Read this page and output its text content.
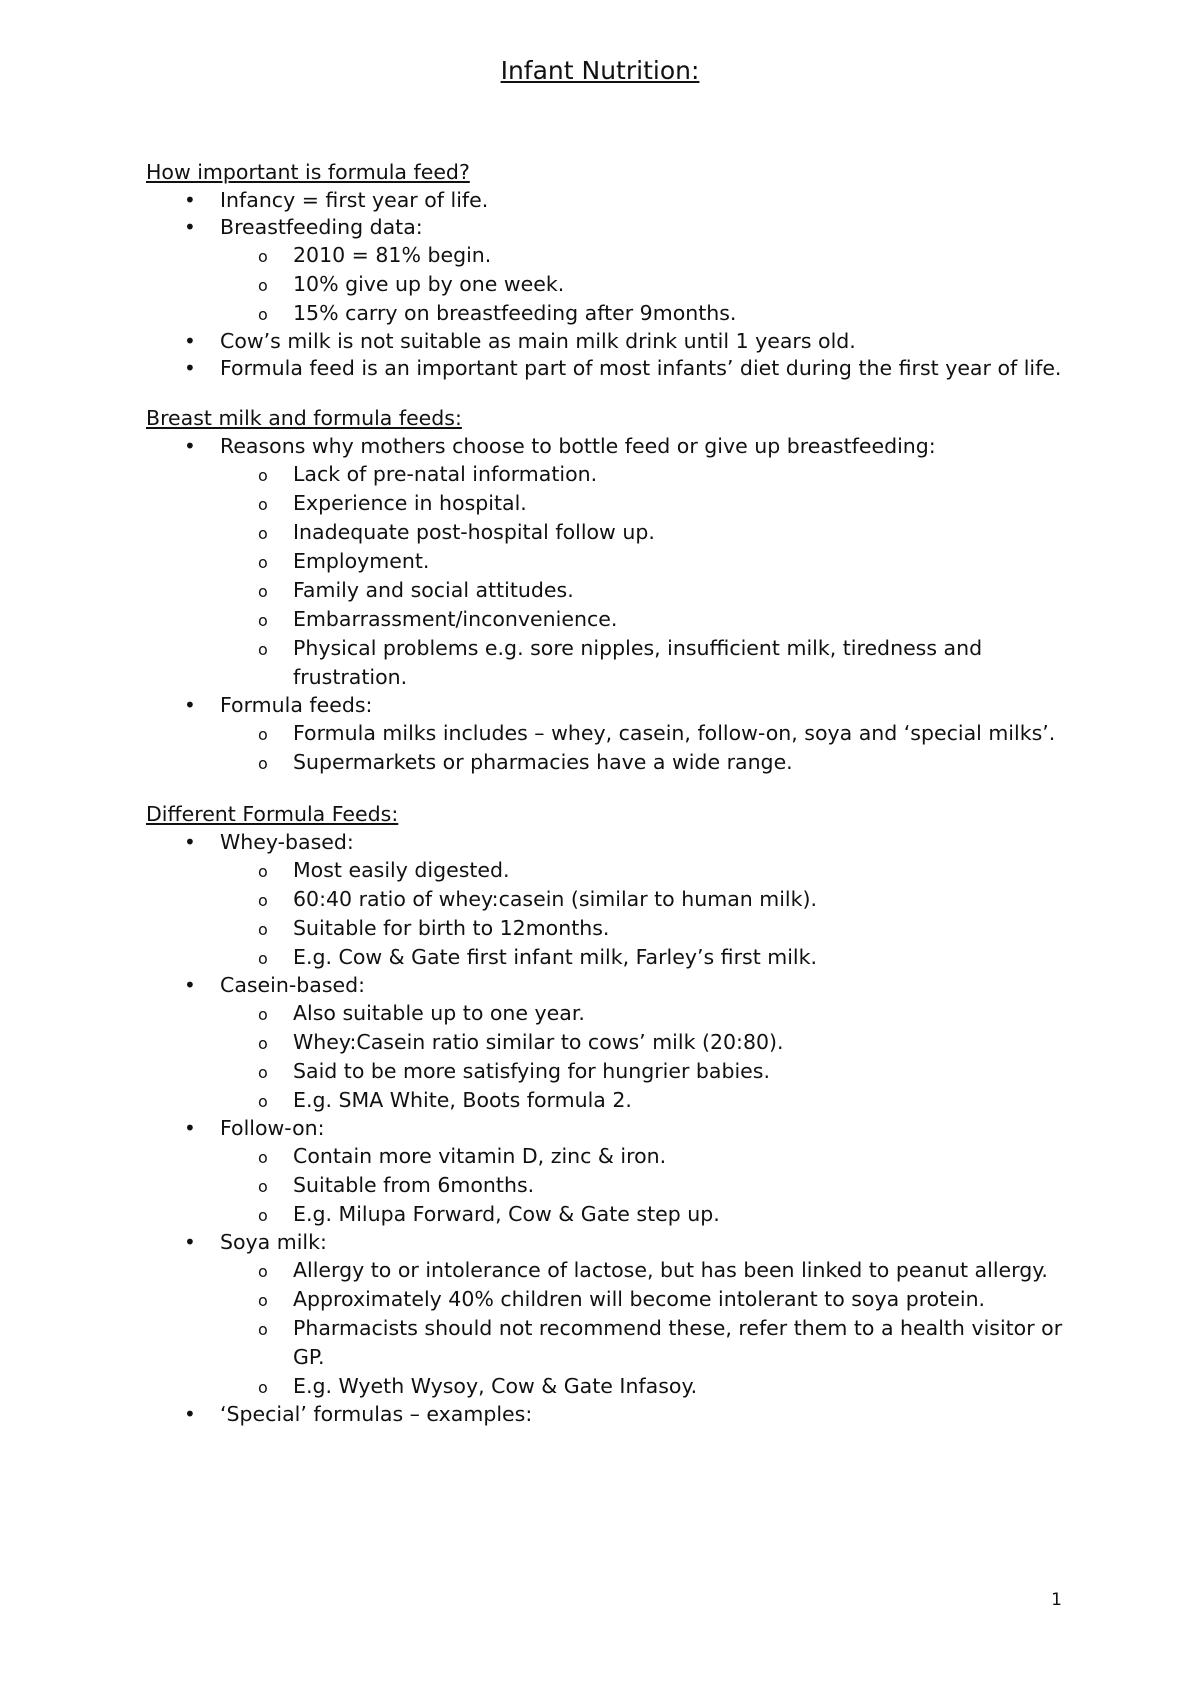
Infant Nutrition:
How important is formula feed?
• Infancy = first year of life.
• Breastfeeding data:
o 2010 = 81% begin.
o 10% give up by one week.
o 15% carry on breastfeeding after 9months.
• Cow’s milk is not suitable as main milk drink until 1 years old.
• Formula feed is an important part of most infants’ diet during the first year of life.
Breast milk and formula feeds:
• Reasons why mothers choose to bottle feed or give up breastfeeding:
o Lack of pre-natal information.
o Experience in hospital.
o Inadequate post-hospital follow up.
o Employment.
o Family and social attitudes.
o Embarrassment/inconvenience.
o Physical problems e.g. sore nipples, insufficient milk, tiredness and frustration.
• Formula feeds:
o Formula milks includes – whey, casein, follow-on, soya and ‘special milks’.
o Supermarkets or pharmacies have a wide range.
Different Formula Feeds:
• Whey-based:
o Most easily digested.
o 60:40 ratio of whey:casein (similar to human milk).
o Suitable for birth to 12months.
o E.g. Cow & Gate first infant milk, Farley’s first milk.
• Casein-based:
o Also suitable up to one year.
o Whey:Casein ratio similar to cows’ milk (20:80).
o Said to be more satisfying for hungrier babies.
o E.g. SMA White, Boots formula 2.
• Follow-on:
o Contain more vitamin D, zinc & iron.
o Suitable from 6months.
o E.g. Milupa Forward, Cow & Gate step up.
• Soya milk:
o Allergy to or intolerance of lactose, but has been linked to peanut allergy.
o Approximately 40% children will become intolerant to soya protein.
o Pharmacists should not recommend these, refer them to a health visitor or GP.
o E.g. Wyeth Wysoy, Cow & Gate Infasoy.
• ‘Special’ formulas – examples:
1
